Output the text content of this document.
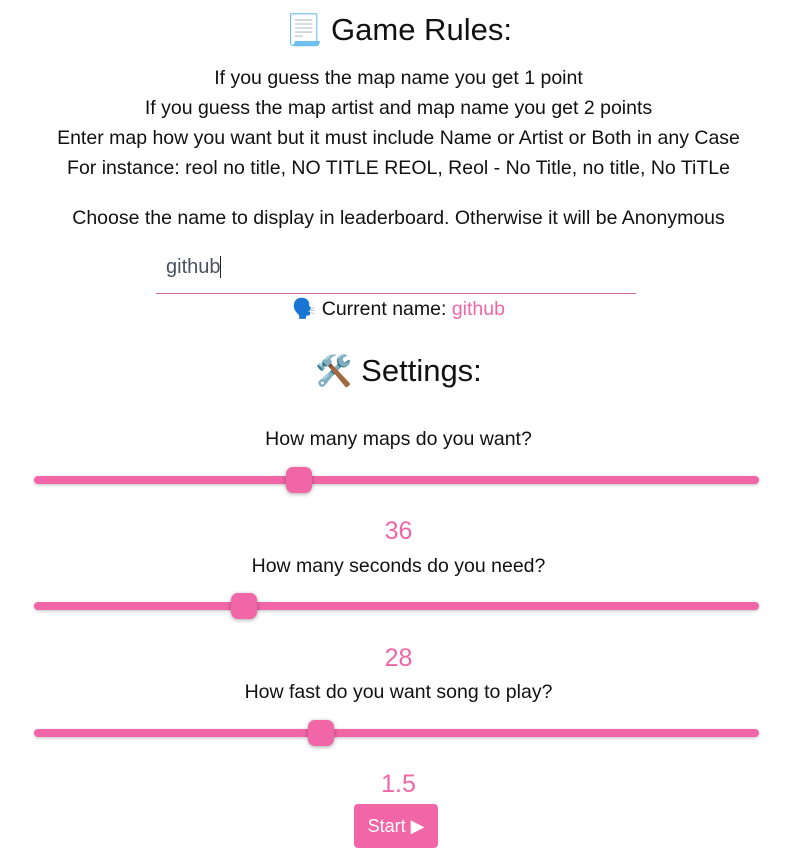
📃 Game Rules:
If you guess the map name you get 1 point
If you guess the map artist and map name you get 2 points
Enter map how you want but it must include Name or Artist or Both in any Case
For instance: reol no title, NO TITLE REOL, Reol - No Title, no title, No TiTLe
Choose the name to display in leaderboard. Otherwise it will be Anonymous
github
🗣️ Current name: github
🛠️ Settings:
How many maps do you want?
36
How many seconds do you need?
28
How fast do you want song to play?
1.5
Start ▶
